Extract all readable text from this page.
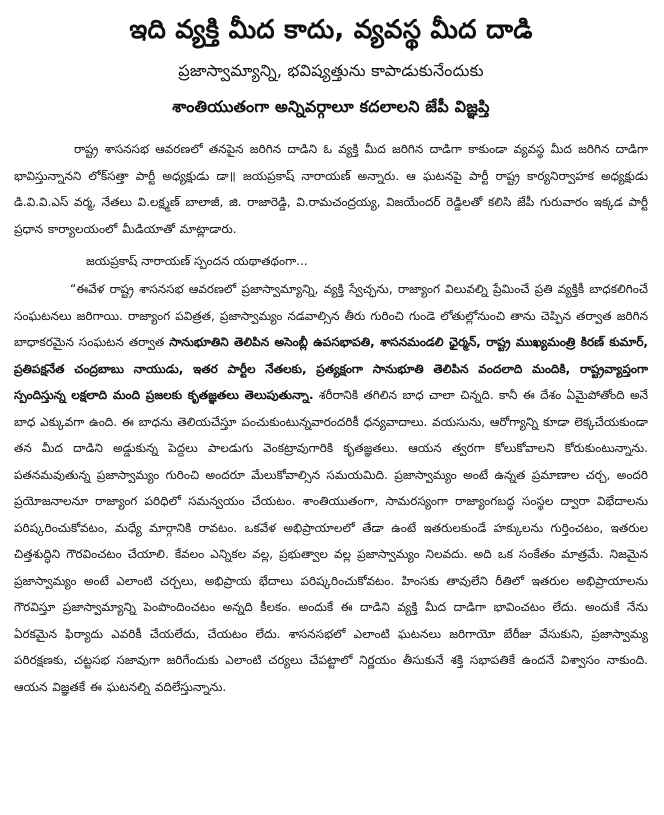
ఇది వ్యక్తి మీద కాదు, వ్యవస్థ మీద దాడి
ప్రజాస్వామ్యాన్ని, భవిష్యత్తును కాపాడుకునేందుకు
శాంతియుతంగా అన్నివర్గాలూ కదలాలని జేపీ విజ్ఞప్తి

రాష్ట్ర శాసనసభ ఆవరణలో తనపైన జరిగిన దాడిని ఓ వ్యక్తి మీద జరిగిన దాడిగా కాకుండా వ్యవస్థ మీద జరిగిన దాడిగా భావిస్తున్నానని లోక్‌సత్తా పార్టీ అధ్యక్షుడు డా॥ జయప్రకాష్ నారాయణ్ అన్నారు. ఆ ఘటనపై పార్టీ రాష్ట్ర కార్యనిర్వాహక అధ్యక్షుడు డి.వి.వి.ఎస్ వర్మ, నేతలు వి.లక్ష్మణ్ బాలాజీ, జి. రాజారెడ్డి, వి.రామచంద్రయ్య, విజయేందర్ రెడ్డిలతో కలిసి జేపీ గురువారం ఇక్కడ పార్టీ ప్రధాన కార్యాలయంలో మీడియాతో మాట్లాడారు.

జయప్రకాష్ నారాయణ్ స్పందన యథాతథంగా...

“ఈవేళ రాష్ట్ర శాసనసభ ఆవరణలో ప్రజాస్వామ్యాన్ని, వ్యక్తి స్వేచ్ఛను, రాజ్యాంగ విలువల్ని ప్రేమించే ప్రతి వ్యక్తికీ బాధకలిగించే సంఘటనలు జరిగాయి. రాజ్యాంగ పవిత్రత, ప్రజాస్వామ్యం నడవాల్సిన తీరు గురించి గుండె లోతుల్లోనుంచి తాను చెప్పిన తర్వాత జరిగిన బాధాకరమైన సంఘటన తర్వాత సానుభూతిని తెలిపిన అసెంబ్లీ ఉపసభాపతి, శాసనమండలి ఛైర్మన్, రాష్ట్ర ముఖ్యమంత్రి కిరణ్ కుమార్, ప్రతిపక్షనేత చంద్రబాబు నాయుడు, ఇతర పార్టీల నేతలకు, ప్రత్యక్షంగా సానుభూతి తెలిపిన వందలాది మందికి, రాష్ట్రవ్యాప్తంగా స్పందిస్తున్న లక్షలాది మంది ప్రజలకు కృతజ్ఞతలు తెలుపుతున్నా. శరీరానికి తగిలిన బాధ చాలా చిన్నది. కానీ ఈ దేశం ఏమైపోతోంది అనే బాధ ఎక్కువగా ఉంది. ఈ బాధను తెలియచేస్తూ పంచుకుంటున్నవారందరికీ ధన్యవాదాలు. వయసును, ఆరోగ్యాన్ని కూడా లెక్కచేయకుండా తన మీద దాడిని అడ్డుకున్న పెద్దలు పాలడుగు వెంకట్రావుగారికి కృతజ్ఞతలు. ఆయన త్వరగా కోలుకోవాలని కోరుకుంటున్నాను. పతనమవుతున్న ప్రజాస్వామ్యం గురించి అందరూ మేలుకోవాల్సిన సమయమిది. ప్రజాస్వామ్యం అంటే ఉన్నత ప్రమాణాల చర్చ, అందరి ప్రయోజనాలనూ రాజ్యాంగ పరిధిలో సమన్వయం చేయటం. శాంతియుతంగా, సామరస్యంగా రాజ్యాంగబద్ధ సంస్థల ద్వారా విభేదాలను పరిష్కరించుకోవటం, మధ్యే మార్గానికి రావటం. ఒకవేళ అభిప్రాయాలలో తేడా ఉంటే ఇతరులకుండే హక్కులను గుర్తించటం, ఇతరుల చిత్తశుద్ధిని గౌరవించటం చేయాలి. కేవలం ఎన్నికల వల్ల, ప్రభుత్వాల వల్ల ప్రజాస్వామ్యం నిలవదు. అది ఒక సంకేతం మాత్రమే. నిజమైన ప్రజాస్వామ్యం అంటే ఎలాంటి చర్చలు, అభిప్రాయ భేదాలు పరిష్కరించుకోవటం. హింసకు తావులేని రీతిలో ఇతరుల అభిప్రాయాలను గౌరవిస్తూ ప్రజాస్వామ్యాన్ని పెంపొందించటం అన్నది కీలకం. అందుకే ఈ దాడిని వ్యక్తి మీద దాడిగా భావించటం లేదు. అందుకే నేను ఏరకమైన ఫిర్యాదు ఎవరికీ చేయలేదు, చేయటం లేదు. శాసనసభలో ఎలాంటి ఘటనలు జరిగాయో బేరీజు వేసుకుని, ప్రజాస్వామ్య పరిరక్షణకు, చట్టసభ సజావుగా జరిగేందుకు ఎలాంటి చర్యలు చేపట్టాలో నిర్ణయం తీసుకునే శక్తి సభాపతికే ఉందనే విశ్వాసం నాకుంది. ఆయన విజ్ఞతకే ఈ ఘటనల్ని వదిలేస్తున్నాను.
